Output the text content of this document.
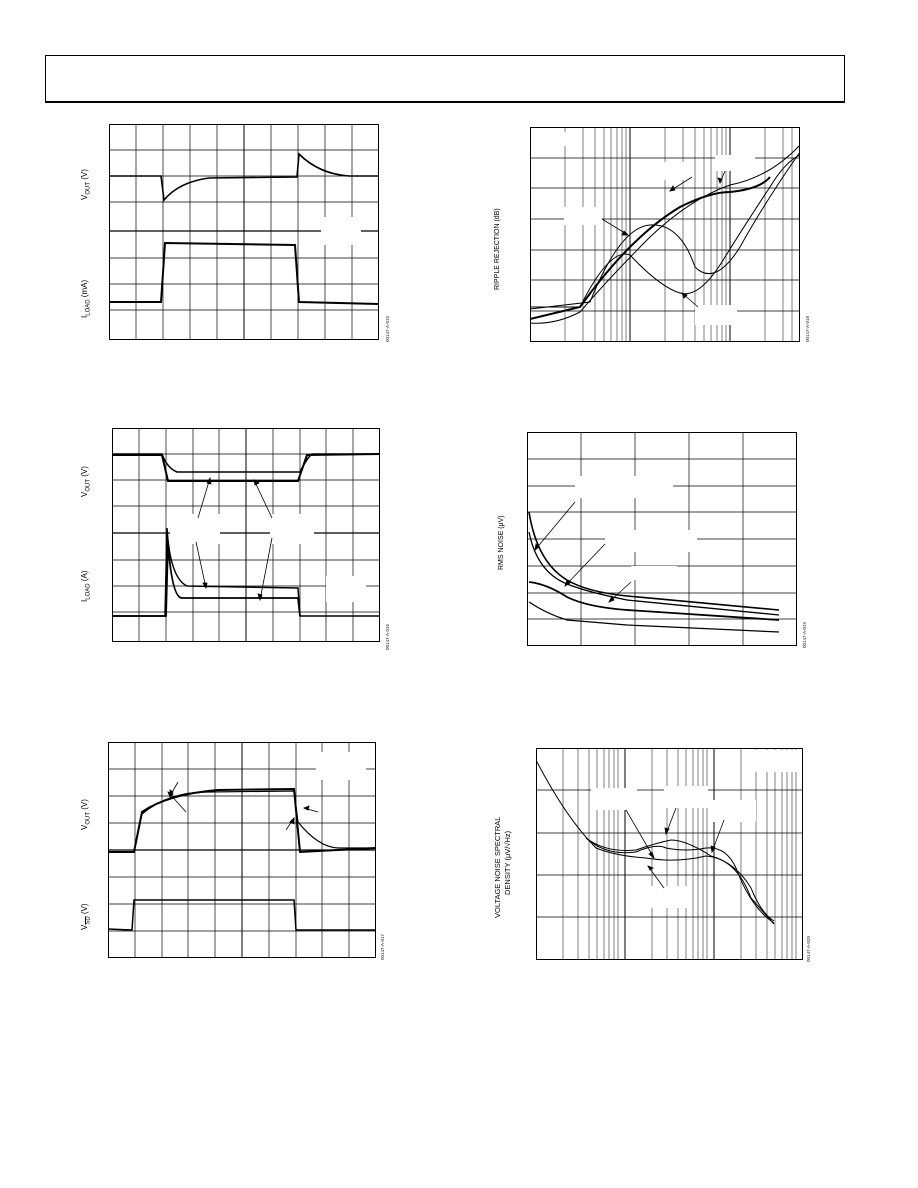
$V_{OUT}$ (V)
$I_{LOAD}$ (mA)
00147-A-015
RIPPLE REJECTION (dB)
00147-A-018
$V_{OUT}$ (V)
$I_{LOAD}$ (A)
00147-A-016
RMS NOISE (μV)
00147-A-019
$V_{OUT}$ (V)
$V_{\overline{SD}}$ (V)
00147-A-017
VOLTAGE NOISE SPECTRAL DENSITY (μV/√Hz)
00147-A-020
